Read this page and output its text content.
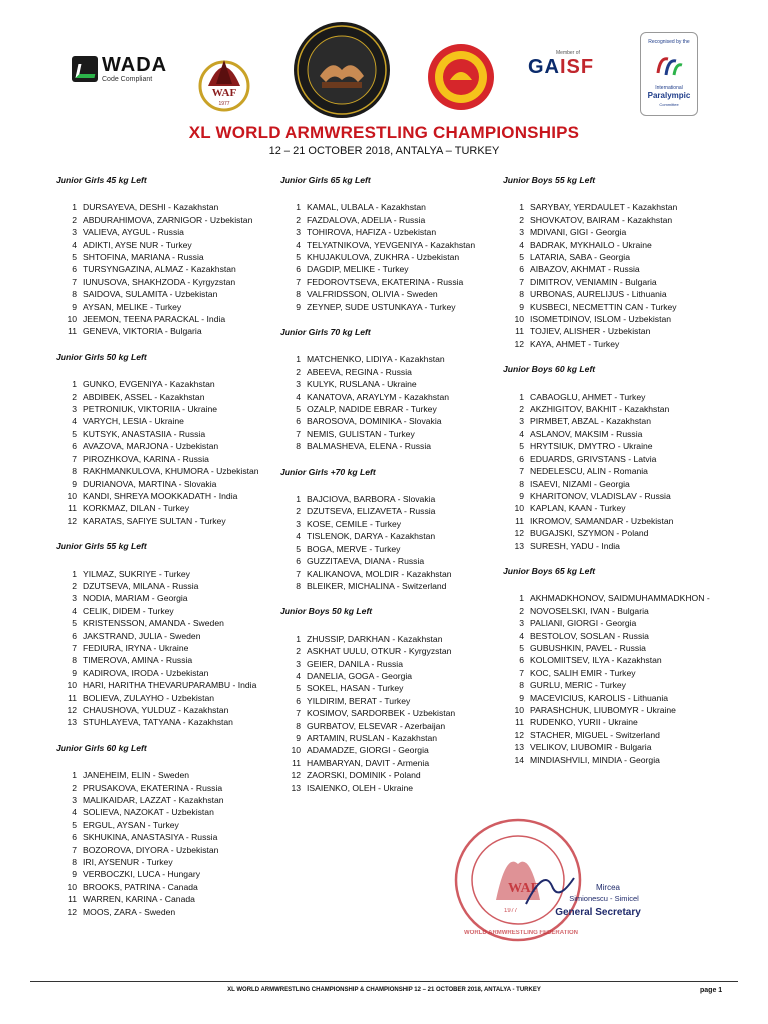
WADA
Code Compliant
WAF
1977
Member of
GAISF
Recognised by the
International
Paralympic
Committee
XL WORLD ARMWRESTLING CHAMPIONSHIPS
12 – 21 OCTOBER 2018, ANTALYA – TURKEY
Junior Girls 45 kg Left
1 DURSAYEVA, DESHI - Kazakhstan
2 ABDURAHIMOVA, ZARNIGOR - Uzbekistan
3 VALIEVA, AYGUL - Russia
4 ADIKTI, AYSE NUR - Turkey
5 SHTOFINA, MARIANA - Russia
6 TURSYNGAZINA, ALMAZ - Kazakhstan
7 IUNUSOVA, SHAKHZODA - Kyrgyzstan
8 SAIDOVA, SULAMITA - Uzbekistan
9 AYSAN, MELIKE - Turkey
10 JEEMON, TEENA PARACKAL - India
11 GENEVA, VIKTORIA - Bulgaria
Junior Girls 50 kg Left
1 GUNKO, EVGENIYA - Kazakhstan
2 ABDIBEK, ASSEL - Kazakhstan
3 PETRONIUK, VIKTORIIA - Ukraine
4 VARYCH, LESIA - Ukraine
5 KUTSYK, ANASTASIIA - Russia
6 AVAZOVA, MARJONA - Uzbekistan
7 PIROZHKOVA, KARINA - Russia
8 RAKHMANKULOVA, KHUMORA - Uzbekistan
9 DURIANOVA, MARTINA - Slovakia
10 KANDI, SHREYA MOOKKADATH - India
11 KORKMAZ, DILAN - Turkey
12 KARATAS, SAFIYE SULTAN - Turkey
Junior Girls 55 kg Left
1 YILMAZ, SUKRIYE - Turkey
2 DZUTSEVA, MILANA - Russia
3 NODIA, MARIAM - Georgia
4 CELIK, DIDEM - Turkey
5 KRISTENSSON, AMANDA - Sweden
6 JAKSTRAND, JULIA - Sweden
7 FEDIURA, IRYNA - Ukraine
8 TIMEROVA, AMINA - Russia
9 KADIROVA, IRODA - Uzbekistan
10 HARI, HARITHA THEVARUPARAMBU - India
11 BOLIEVA, ZULAYHO - Uzbekistan
12 CHAUSHOVA, YULDUZ - Kazakhstan
13 STUHLAYEVA, TATYANA - Kazakhstan
Junior Girls 60 kg Left
1 JANEHEIM, ELIN - Sweden
2 PRUSAKOVA, EKATERINA - Russia
3 MALIKAIDAR, LAZZAT - Kazakhstan
4 SOLIEVA, NAZOKAT - Uzbekistan
5 ERGUL, AYSAN - Turkey
6 SKHUKINA, ANASTASIYA - Russia
7 BOZOROVA, DIYORA - Uzbekistan
8 IRI, AYSENUR - Turkey
9 VERBOCZKI, LUCA - Hungary
10 BROOKS, PATRINA - Canada
11 WARREN, KARINA - Canada
12 MOOS, ZARA - Sweden
Junior Girls 65 kg Left
1 KAMAL, ULBALA - Kazakhstan
2 FAZDALOVA, ADELIA - Russia
3 TOHIROVA, HAFIZA - Uzbekistan
4 TELYATNIKOVA, YEVGENIYA - Kazakhstan
5 KHUJAKULOVA, ZUKHRA - Uzbekistan
6 DAGDIP, MELIKE - Turkey
7 FEDOROVTSEVA, EKATERINA - Russia
8 VALFRIDSSON, OLIVIA - Sweden
9 ZEYNEP, SUDE USTUNKAYA - Turkey
Junior Girls 70 kg Left
1 MATCHENKO, LIDIYA - Kazakhstan
2 ABEEVA, REGINA - Russia
3 KULYK, RUSLANA - Ukraine
4 KANATOVA, ARAYLYM - Kazakhstan
5 OZALP, NADIDE EBRAR - Turkey
6 BAROSOVA, DOMINIKA - Slovakia
7 NEMIS, GULISTAN - Turkey
8 BALMASHEVA, ELENA - Russia
Junior Girls +70 kg Left
1 BAJCIOVA, BARBORA - Slovakia
2 DZUTSEVA, ELIZAVETA - Russia
3 KOSE, CEMILE - Turkey
4 TISLENOK, DARYA - Kazakhstan
5 BOGA, MERVE - Turkey
6 GUZZITAEVA, DIANA - Russia
7 KALIKANOVA, MOLDIR - Kazakhstan
8 BLEIKER, MICHALINA - Switzerland
Junior Boys 50 kg Left
1 ZHUSSIP, DARKHAN - Kazakhstan
2 ASKHAT UULU, OTKUR - Kyrgyzstan
3 GEIER, DANILA - Russia
4 DANELIA, GOGA - Georgia
5 SOKEL, HASAN - Turkey
6 YILDIRIM, BERAT - Turkey
7 KOSIMOV, SARDORBEK - Uzbekistan
8 GURBATOV, ELSEVAR - Azerbaijan
9 ARTAMIN, RUSLAN - Kazakhstan
10 ADAMADZE, GIORGI - Georgia
11 HAMBARYAN, DAVIT - Armenia
12 ZAORSKI, DOMINIK - Poland
13 ISAIENKO, OLEH - Ukraine
Junior Boys 55 kg Left
1 SARYBAY, YERDAULET - Kazakhstan
2 SHOVKATOV, BAIRAM - Kazakhstan
3 MDIVANI, GIGI - Georgia
4 BADRAK, MYKHAILO - Ukraine
5 LATARIA, SABA - Georgia
6 AIBAZOV, AKHMAT - Russia
7 DIMITROV, VENIAMIN - Bulgaria
8 URBONAS, AURELIJUS - Lithuania
9 KUSBECI, NECMETTIN CAN - Turkey
10 ISOMETDINOV, ISLOM - Uzbekistan
11 TOJIEV, ALISHER - Uzbekistan
12 KAYA, AHMET - Turkey
Junior Boys 60 kg Left
1 CABAOGLU, AHMET - Turkey
2 AKZHIGITOV, BAKHIT - Kazakhstan
3 PIRMBET, ABZAL - Kazakhstan
4 ASLANOV, MAKSIM - Russia
5 HRYTSIUK, DMYTRO - Ukraine
6 EDUARDS, GRIVSTANS - Latvia
7 NEDELESCU, ALIN - Romania
8 ISAEVI, NIZAMI - Georgia
9 KHARITONOV, VLADISLAV - Russia
10 KAPLAN, KAAN - Turkey
11 IKROMOV, SAMANDAR - Uzbekistan
12 BUGAJSKI, SZYMON - Poland
13 SURESH, YADU - India
Junior Boys 65 kg Left
1 AKHMADKHONOV, SAIDMUHAMMADKHON -
2 NOVOSELSKI, IVAN - Bulgaria
3 PALIANI, GIORGI - Georgia
4 BESTOLOV, SOSLAN - Russia
5 GUBUSHKIN, PAVEL - Russia
6 KOLOMIITSEV, ILYA - Kazakhstan
7 KOC, SALIH EMIR - Turkey
8 GURLU, MERIC - Turkey
9 MACEVICIUS, KAROLIS - Lithuania
10 PARASHCHUK, LIUBOMYR - Ukraine
11 RUDENKO, YURII - Ukraine
12 STACHER, MIGUEL - Switzerland
13 VELIKOV, LIUBOMIR - Bulgaria
14 MINDIASHVILI, MINDIA - Georgia
WAF
1977
WORLD ARMWRESTLING FEDERATION
Mircea
Simionescu - Simicel
General Secretary
XL WORLD ARMWRESTLING CHAMPIONSHIP & CHAMPIONSHIP 12 – 21 OCTOBER 2018, ANTALYA - TURKEY	page 1
